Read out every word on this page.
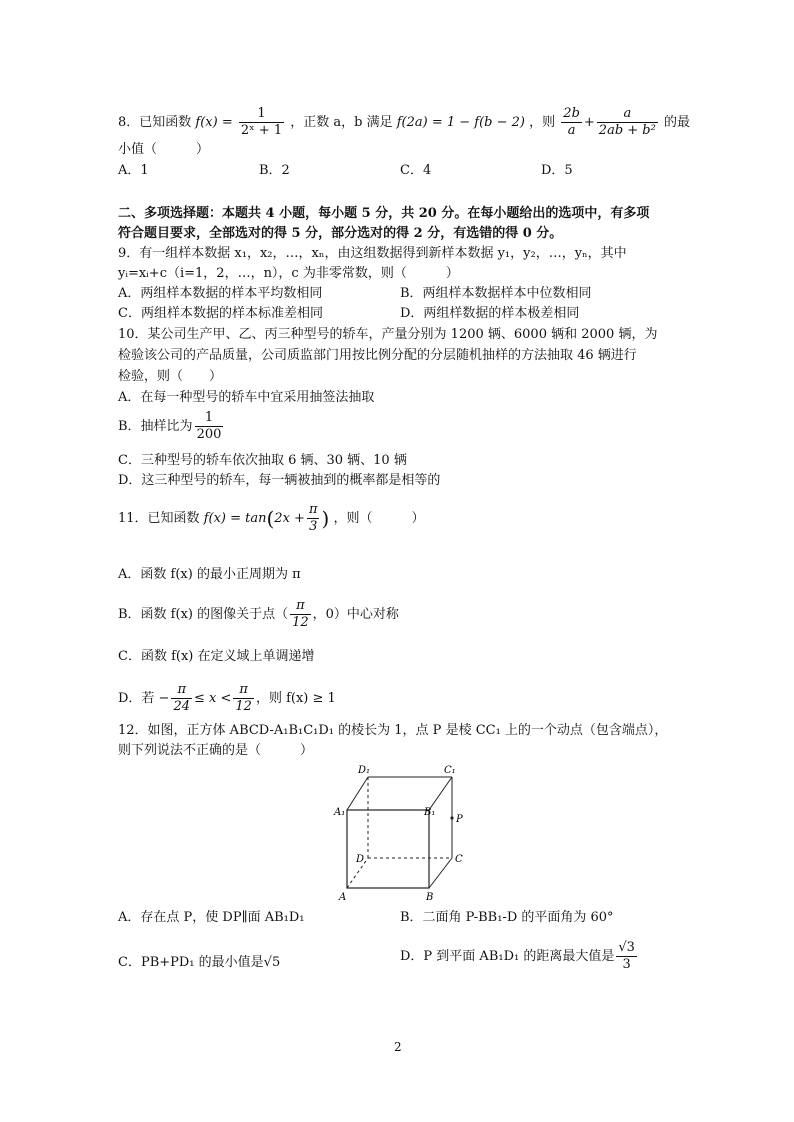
8．已知函数 $f(x) = \frac{1}{\text{2ˣ + 1}}$ ，正数 a，b 满足 f(2a) = 1 − f(b − 2) ，则 $\frac{2b}{a} + \frac{a}{\text{2ab + b²}}$ 的最
小值（　　　）
A．1	B．2	C．4	D．5
二、多项选择题：本题共 4 小题，每小题 5 分，共 20 分。在每小题给出的选项中，有多项
符合题目要求，全部选对的得 5 分，部分选对的得 2 分，有选错的得 0 分。
9．有一组样本数据 x₁，x₂，…，xₙ，由这组数据得到新样本数据 y₁，y₂，…，yₙ，其中
yᵢ=xᵢ+c（i=1，2，…，n），c 为非零常数，则（　　　）
A．两组样本数据的样本平均数相同	B．两组样本数据样本中位数相同
C．两组样本数据的样本标准差相同	D．两组样数据的样本极差相同
10．某公司生产甲、乙、丙三种型号的轿车，产量分别为 1200 辆、6000 辆和 2000 辆，为
检验该公司的产品质量，公司质监部门用按比例分配的分层随机抽样的方法抽取 46 辆进行
检验，则（　　）
A．在每一种型号的轿车中宜采用抽签法抽取
B．抽样比为 $\frac{1}{200}$
C．三种型号的轿车依次抽取 6 辆、30 辆、10 辆
D．这三种型号的轿车，每一辆被抽到的概率都是相等的
11．已知函数 $f(x) = \tan(2x + \frac{\pi}{3}$ ) ，则（　　　）
A．函数 f(x) 的最小正周期为 π
B．函数 f(x) 的图像关于点（ $\frac{\pi}{12}$ ，0）中心对称
C．函数 f(x) 在定义域上单调递增
D．若 − $\frac{\pi}{24} \le x < \frac{\pi}{12}$ ，则 f(x) ≥ 1
12．如图，正方体 ABCD-A₁B₁C₁D₁ 的棱长为 1，点 P 是棱 CC₁ 上的一个动点（包含端点），
则下列说法不正确的是（　　　）
D₁	C₁
A₁	B₁
P
D	C
A	B
A．存在点 P，使 DP∥面 AB₁D₁	B．二面角 P-BB₁-D 的平面角为 60°
C．PB+PD₁ 的最小值是√5	D．P 到平面 AB₁D₁ 的距离最大值是 $\frac{√3}{3}$
2
